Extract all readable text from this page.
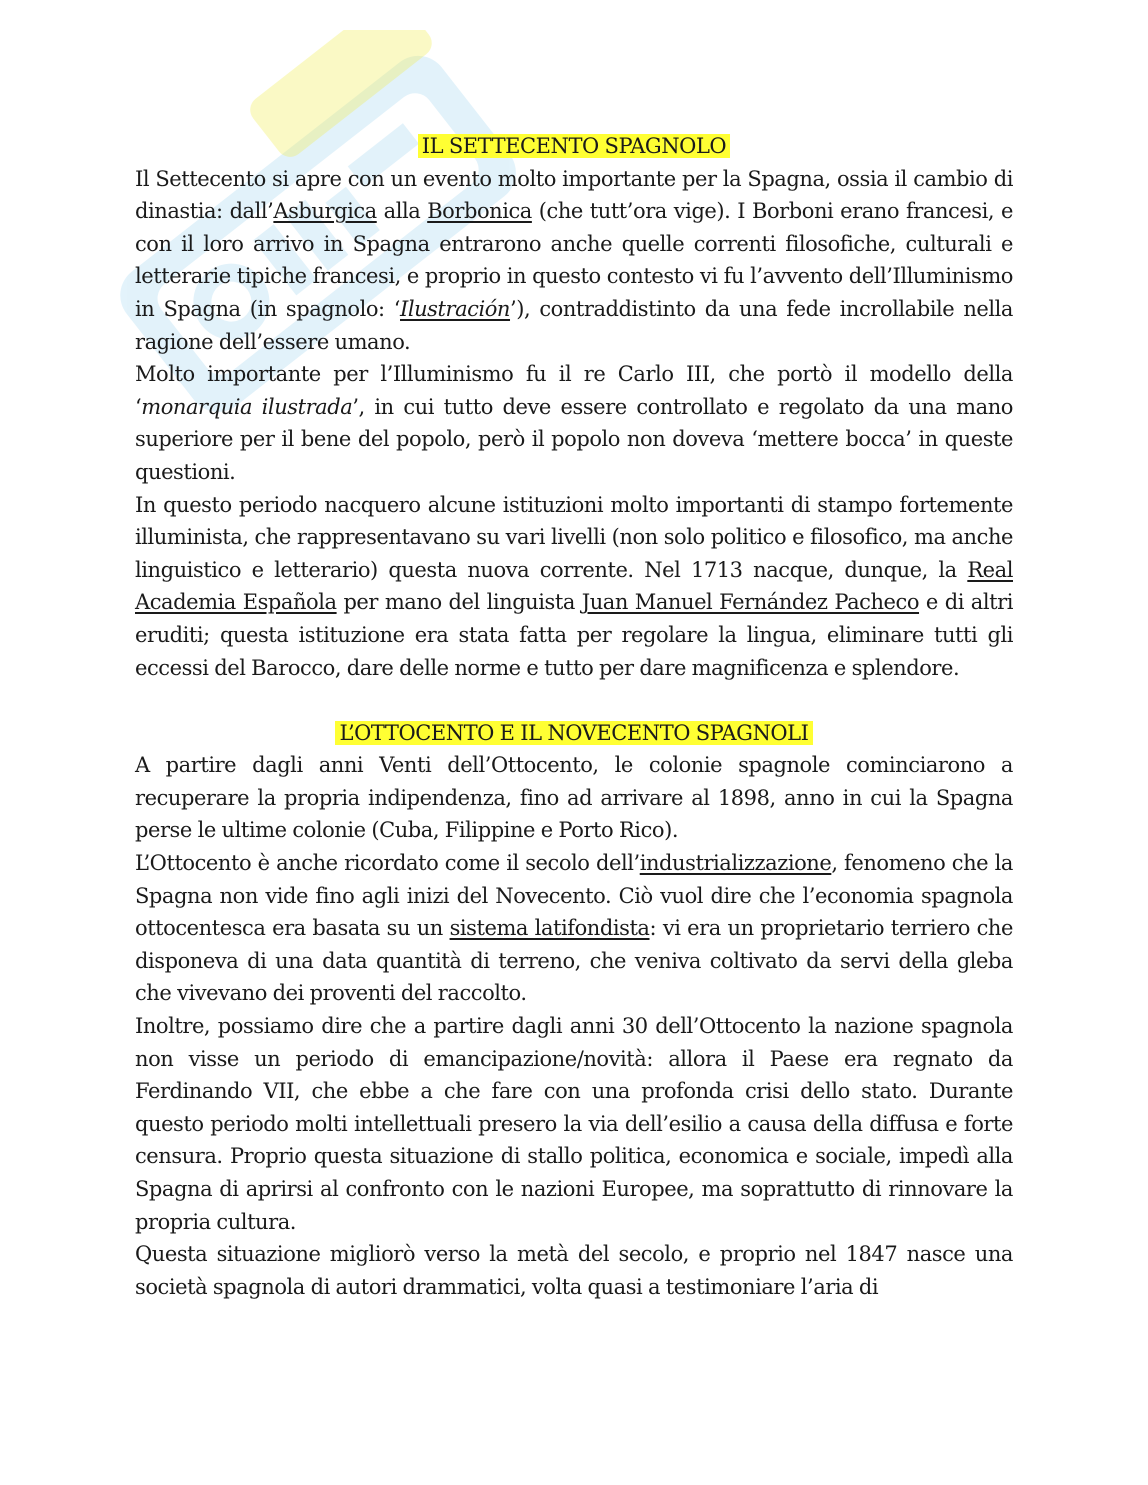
IL SETTECENTO SPAGNOLO

Il Settecento si apre con un evento molto importante per la Spagna, ossia il cambio di dinastia: dall’Asburgica alla Borbonica (che tutt’ora vige). I Borboni erano francesi, e con il loro arrivo in Spagna entrarono anche quelle correnti filosofiche, culturali e letterarie tipiche francesi, e proprio in questo contesto vi fu l’avvento dell’Illuminismo in Spagna (in spagnolo: ‘Ilustración’), contraddistinto da una fede incrollabile nella ragione dell’essere umano.

Molto importante per l’Illuminismo fu il re Carlo III, che portò il modello della ‘monarquia ilustrada’, in cui tutto deve essere controllato e regolato da una mano superiore per il bene del popolo, però il popolo non doveva ‘mettere bocca’ in queste questioni.

In questo periodo nacquero alcune istituzioni molto importanti di stampo fortemente illuminista, che rappresentavano su vari livelli (non solo politico e filosofico, ma anche linguistico e letterario) questa nuova corrente. Nel 1713 nacque, dunque, la Real Academia Española per mano del linguista Juan Manuel Fernández Pacheco e di altri eruditi; questa istituzione era stata fatta per regolare la lingua, eliminare tutti gli eccessi del Barocco, dare delle norme e tutto per dare magnificenza e splendore.

L’OTTOCENTO E IL NOVECENTO SPAGNOLI

A partire dagli anni Venti dell’Ottocento, le colonie spagnole cominciarono a recuperare la propria indipendenza, fino ad arrivare al 1898, anno in cui la Spagna perse le ultime colonie (Cuba, Filippine e Porto Rico).

L’Ottocento è anche ricordato come il secolo dell’industrializzazione, fenomeno che la Spagna non vide fino agli inizi del Novecento. Ciò vuol dire che l’economia spagnola ottocentesca era basata su un sistema latifondista: vi era un proprietario terriero che disponeva di una data quantità di terreno, che veniva coltivato da servi della gleba che vivevano dei proventi del raccolto.

Inoltre, possiamo dire che a partire dagli anni 30 dell’Ottocento la nazione spagnola non visse un periodo di emancipazione/novità: allora il Paese era regnato da Ferdinando VII, che ebbe a che fare con una profonda crisi dello stato. Durante questo periodo molti intellettuali presero la via dell’esilio a causa della diffusa e forte censura. Proprio questa situazione di stallo politica, economica e sociale, impedì alla Spagna di aprirsi al confronto con le nazioni Europee, ma soprattutto di rinnovare la propria cultura.

Questa situazione migliorò verso la metà del secolo, e proprio nel 1847 nasce una società spagnola di autori drammatici, volta quasi a testimoniare l’aria di
